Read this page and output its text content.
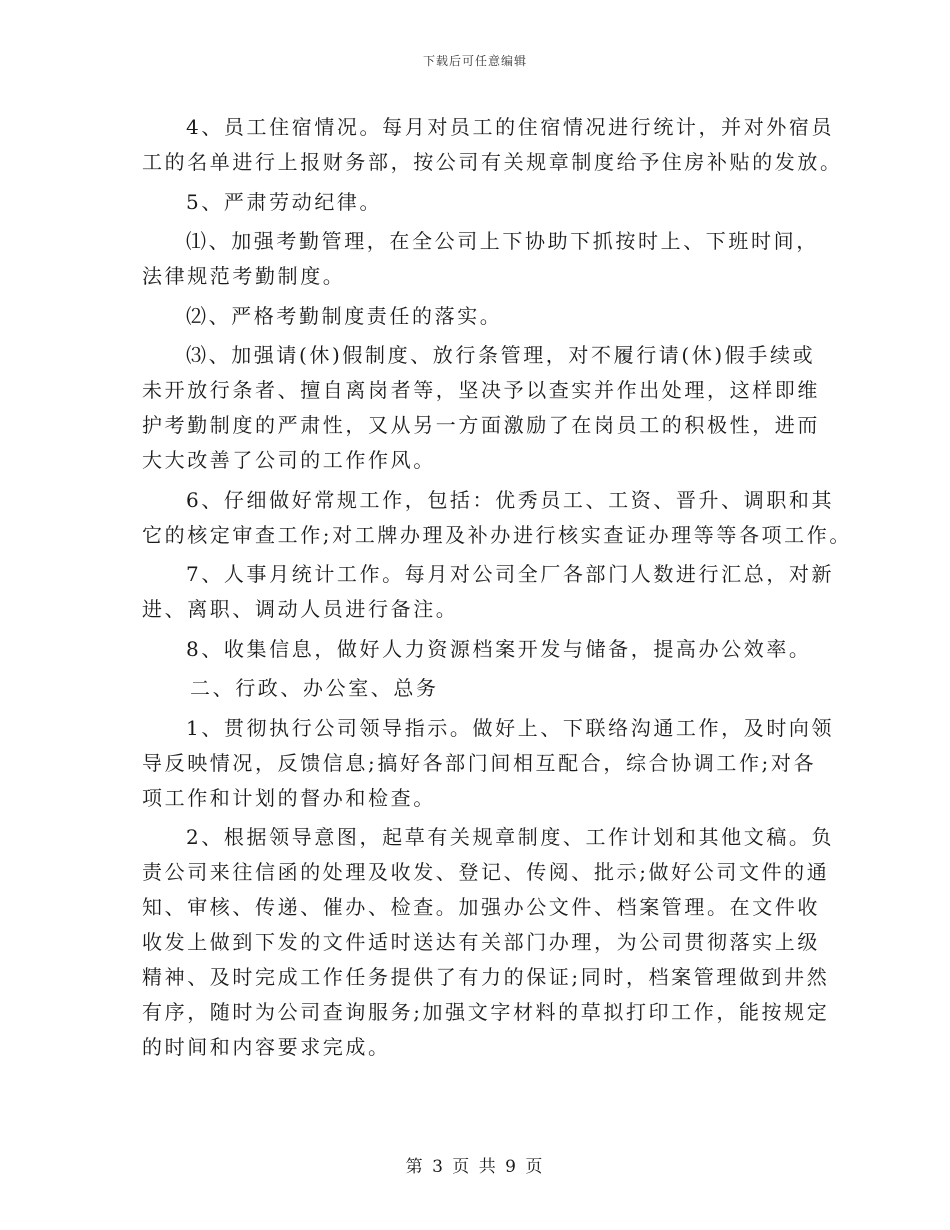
下载后可任意编辑
4、员工住宿情况。每月对员工的住宿情况进行统计，并对外宿员
工的名单进行上报财务部，按公司有关规章制度给予住房补贴的发放。
5、严肃劳动纪律。
⑴、加强考勤管理，在全公司上下协助下抓按时上、下班时间，
法律规范考勤制度。
⑵、严格考勤制度责任的落实。
⑶、加强请(休)假制度、放行条管理，对不履行请(休)假手续或
未开放行条者、擅自离岗者等，坚决予以查实并作出处理，这样即维
护考勤制度的严肃性，又从另一方面激励了在岗员工的积极性，进而
大大改善了公司的工作作风。
6、仔细做好常规工作，包括：优秀员工、工资、晋升、调职和其
它的核定审查工作;对工牌办理及补办进行核实查证办理等等各项工作。
7、人事月统计工作。每月对公司全厂各部门人数进行汇总，对新
进、离职、调动人员进行备注。
8、收集信息，做好人力资源档案开发与储备，提高办公效率。
二、行政、办公室、总务
1、贯彻执行公司领导指示。做好上、下联络沟通工作，及时向领
导反映情况，反馈信息;搞好各部门间相互配合，综合协调工作;对各
项工作和计划的督办和检查。
2、根据领导意图，起草有关规章制度、工作计划和其他文稿。负
责公司来往信函的处理及收发、登记、传阅、批示;做好公司文件的通
知、审核、传递、催办、检查。加强办公文件、档案管理。在文件收
收发上做到下发的文件适时送达有关部门办理，为公司贯彻落实上级
精神、及时完成工作任务提供了有力的保证;同时，档案管理做到井然
有序，随时为公司查询服务;加强文字材料的草拟打印工作，能按规定
的时间和内容要求完成。
第 3 页 共 9 页
